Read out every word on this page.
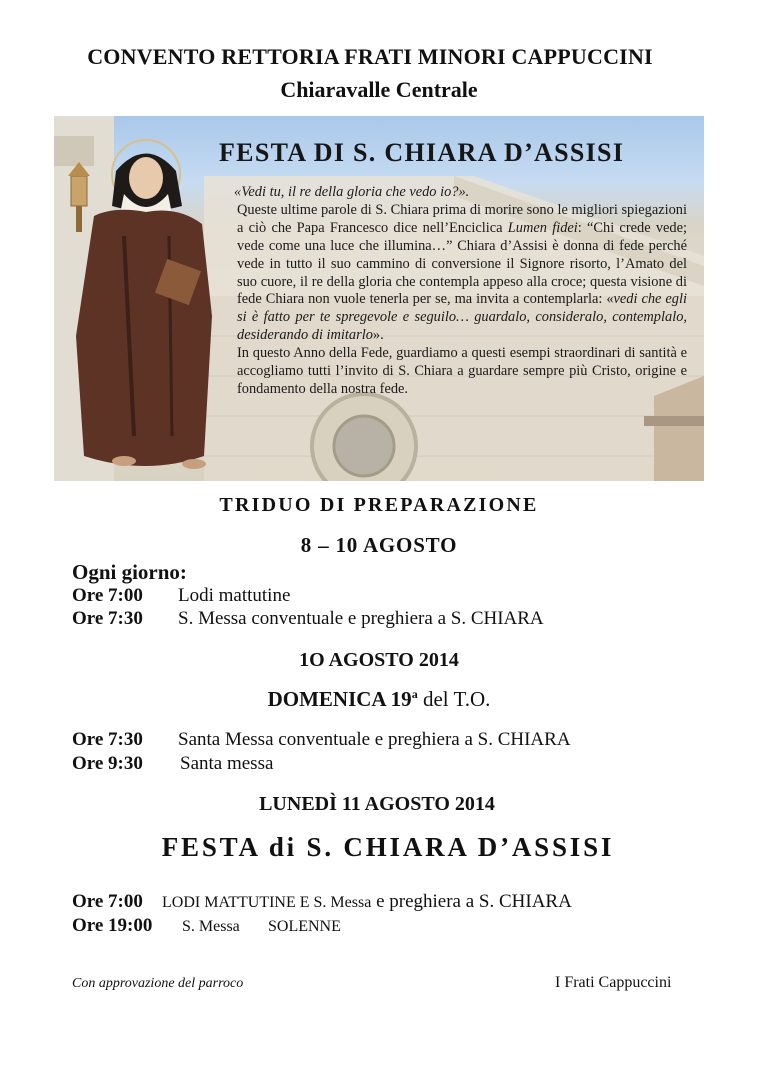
CONVENTO RETTORIA FRATI MINORI CAPPUCCINI
Chiaravalle Centrale
FESTA DI S. CHIARA D’ASSISI

«Vedi tu, il re della gloria che vedo io?».

Queste ultime parole di S. Chiara prima di morire sono le migliori spiegazioni a ciò che Papa Francesco dice nell’Enciclica Lumen fidei: “Chi crede vede; vede come una luce che illumina…” Chiara d’Assisi è donna di fede perché vede in tutto il suo cammino di conversione il Signore risorto, l’Amato del suo cuore, il re della gloria che contempla appeso alla croce; questa visione di fede Chiara non vuole tenerla per se, ma invita a contemplarla: «vedi che egli si è fatto per te spregevole e seguilo… guardalo, consideralo, contemplalo, desiderando di imitarlo».

In questo Anno della Fede, guardiamo a questi esempi straordinari di santità e accogliamo tutti l’invito di S. Chiara a guardare sempre più Cristo, origine e fondamento della nostra fede.

TRIDUO DI PREPARAZIONE
8 – 10 AGOSTO
Ogni giorno:
Ore 7:00 Lodi mattutine
Ore 7:30 S. Messa conventuale e preghiera a S. CHIARA
1O AGOSTO 2014
DOMENICA 19$^a$ del T.O.
Ore 7:30 Santa Messa conventuale e preghiera a S. CHIARA
Ore 9:30 Santa messa
LUNEDÌ 11 AGOSTO 2014
FESTA di S. CHIARA D’ASSISI
Ore 7:00 LODI MATTUTINE E S. Messa e preghiera a S. CHIARA
Ore 19:00 S. Messa SOLENNE
Con approvazione del parroco	I Frati Cappuccini
